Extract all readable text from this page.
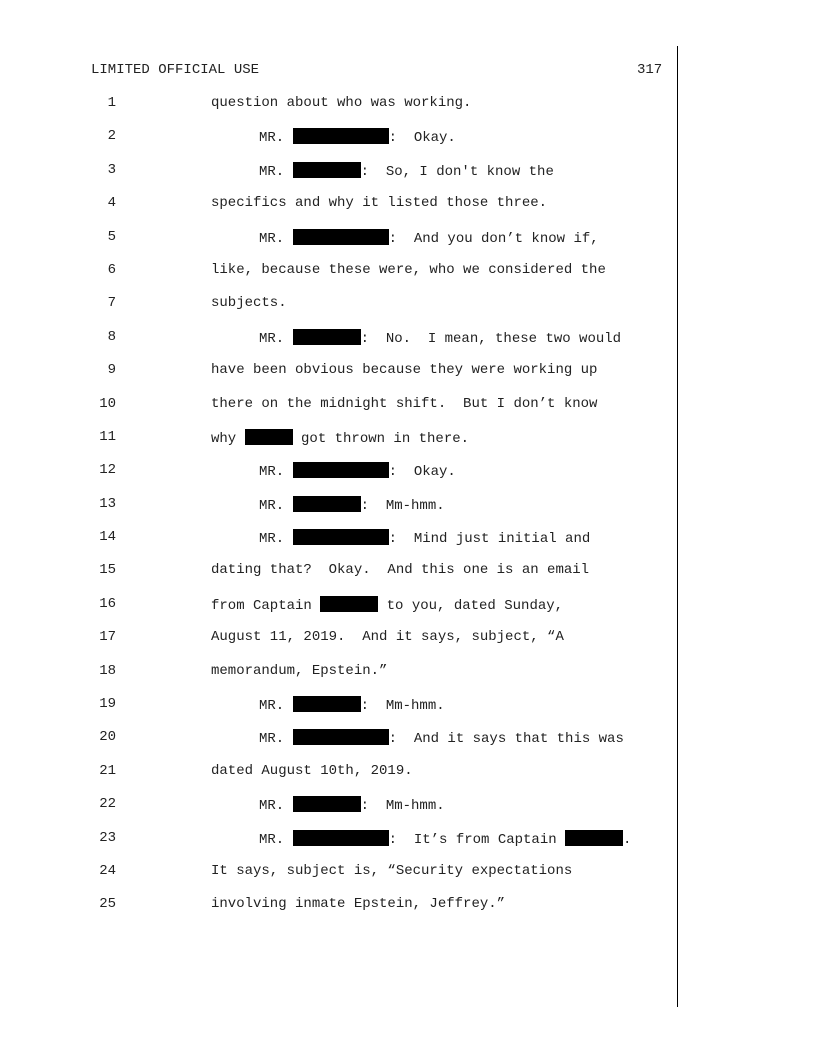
LIMITED OFFICIAL USE	317
1	question about who was working.
2	MR.	:  Okay.
3	MR.	:  So, I don't know the
4	specifics and why it listed those three.
5	MR.	:  And you don’t know if,
6	like, because these were, who we considered the
7	subjects.
8	MR.	:  No.  I mean, these two would
9	have been obvious because they were working up
10	there on the midnight shift.  But I don’t know
11	why	got thrown in there.
12	MR.	:  Okay.
13	MR.	:  Mm-hmm.
14	MR.	:  Mind just initial and
15	dating that?  Okay.  And this one is an email
16	from Captain	to you, dated Sunday,
17	August 11, 2019.  And it says, subject, “A
18	memorandum, Epstein.”
19	MR.	:  Mm-hmm.
20	MR.	:  And it says that this was
21	dated August 10th, 2019.
22	MR.	:  Mm-hmm.
23	MR.	:  It’s from Captain	.
24	It says, subject is, “Security expectations
25	involving inmate Epstein, Jeffrey.”
